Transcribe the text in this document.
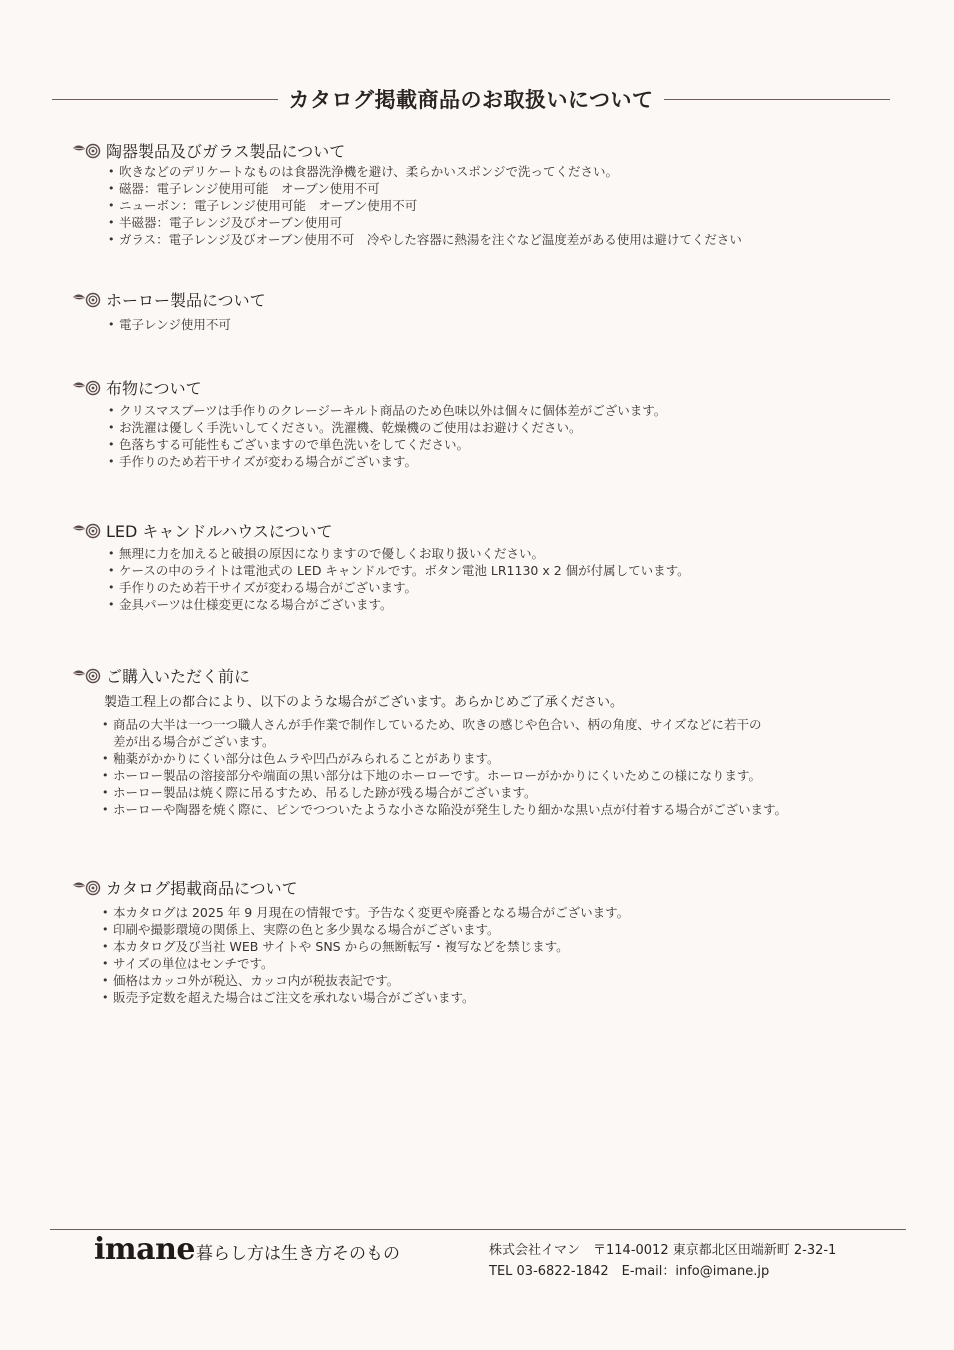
カタログ掲載商品のお取扱いについて
陶器製品及びガラス製品について
• 吹きなどのデリケートなものは食器洗浄機を避け、柔らかいスポンジで洗ってください。
• 磁器：電子レンジ使用可能　オーブン使用不可
• ニューボン：電子レンジ使用可能　オーブン使用不可
• 半磁器：電子レンジ及びオーブン使用可
• ガラス：電子レンジ及びオーブン使用不可　冷やした容器に熱湯を注ぐなど温度差がある使用は避けてください
ホーロー製品について
• 電子レンジ使用不可
布物について
• クリスマスブーツは手作りのクレージーキルト商品のため色味以外は個々に個体差がございます。
• お洗濯は優しく手洗いしてください。洗濯機、乾燥機のご使用はお避けください。
• 色落ちする可能性もございますので単色洗いをしてください。
• 手作りのため若干サイズが変わる場合がございます。
LED キャンドルハウスについて
• 無理に力を加えると破損の原因になりますので優しくお取り扱いください。
• ケースの中のライトは電池式の LED キャンドルです。ボタン電池 LR1130 x 2 個が付属しています。
• 手作りのため若干サイズが変わる場合がございます。
• 金具パーツは仕様変更になる場合がございます。
ご購入いただく前に
製造工程上の都合により、以下のような場合がございます。あらかじめご了承ください。
• 商品の大半は一つ一つ職人さんが手作業で制作しているため、吹きの感じや色合い、柄の角度、サイズなどに若干の
差が出る場合がございます。
• 釉薬がかかりにくい部分は色ムラや凹凸がみられることがあります。
• ホーロー製品の溶接部分や端面の黒い部分は下地のホーローです。ホーローがかかりにくいためこの様になります。
• ホーロー製品は焼く際に吊るすため、吊るした跡が残る場合がございます。
• ホーローや陶器を焼く際に、ピンでつついたような小さな陥没が発生したり細かな黒い点が付着する場合がございます。
カタログ掲載商品について
• 本カタログは 2025 年 9 月現在の情報です。予告なく変更や廃番となる場合がございます。
• 印刷や撮影環境の関係上、実際の色と多少異なる場合がございます。
• 本カタログ及び当社 WEB サイトや SNS からの無断転写・複写などを禁じます。
• サイズの単位はセンチです。
• 価格はカッコ外が税込、カッコ内が税抜表記です。
• 販売予定数を超えた場合はご注文を承れない場合がございます。
imane 暮らし方は生き方そのもの	株式会社イマン　〒114-0012 東京都北区田端新町 2-32-1
TEL 03-6822-1842　E-mail：info@imane.jp
